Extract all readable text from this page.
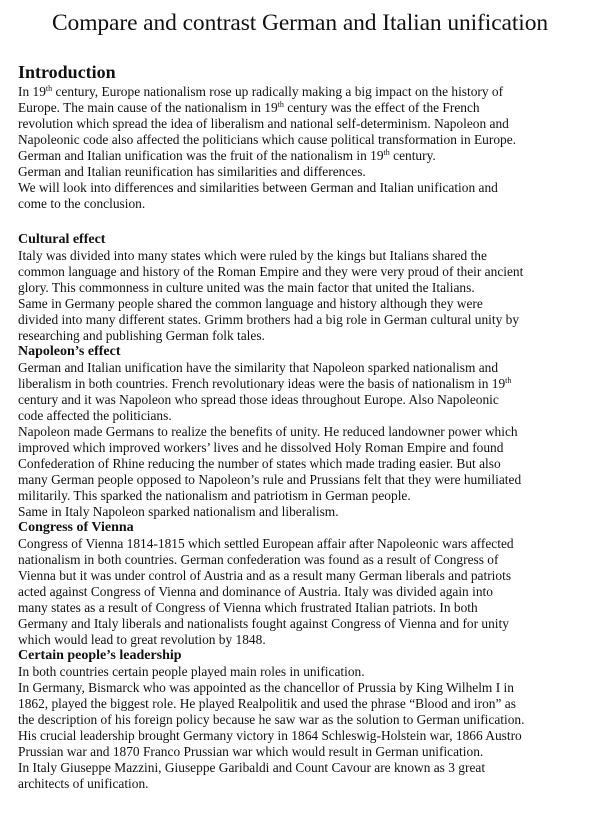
Compare and contrast German and Italian unification
Introduction
In 19th century, Europe nationalism rose up radically making a big impact on the history of
Europe. The main cause of the nationalism in 19th century was the effect of the French
revolution which spread the idea of liberalism and national self-determinism. Napoleon and
Napoleonic code also affected the politicians which cause political transformation in Europe.
German and Italian unification was the fruit of the nationalism in 19th century.
German and Italian reunification has similarities and differences.
We will look into differences and similarities between German and Italian unification and
come to the conclusion.
Cultural effect
Italy was divided into many states which were ruled by the kings but Italians shared the
common language and history of the Roman Empire and they were very proud of their ancient
glory. This commonness in culture united was the main factor that united the Italians.
Same in Germany people shared the common language and history although they were
divided into many different states. Grimm brothers had a big role in German cultural unity by
researching and publishing German folk tales.
Napoleon’s effect
German and Italian unification have the similarity that Napoleon sparked nationalism and
liberalism in both countries. French revolutionary ideas were the basis of nationalism in 19th
century and it was Napoleon who spread those ideas throughout Europe. Also Napoleonic
code affected the politicians.
Napoleon made Germans to realize the benefits of unity. He reduced landowner power which
improved which improved workers’ lives and he dissolved Holy Roman Empire and found
Confederation of Rhine reducing the number of states which made trading easier. But also
many German people opposed to Napoleon’s rule and Prussians felt that they were humiliated
militarily. This sparked the nationalism and patriotism in German people.
Same in Italy Napoleon sparked nationalism and liberalism.
Congress of Vienna
Congress of Vienna 1814-1815 which settled European affair after Napoleonic wars affected
nationalism in both countries. German confederation was found as a result of Congress of
Vienna but it was under control of Austria and as a result many German liberals and patriots
acted against Congress of Vienna and dominance of Austria. Italy was divided again into
many states as a result of Congress of Vienna which frustrated Italian patriots. In both
Germany and Italy liberals and nationalists fought against Congress of Vienna and for unity
which would lead to great revolution by 1848.
Certain people’s leadership
In both countries certain people played main roles in unification.
In Germany, Bismarck who was appointed as the chancellor of Prussia by King Wilhelm I in
1862, played the biggest role. He played Realpolitik and used the phrase “Blood and iron” as
the description of his foreign policy because he saw war as the solution to German unification.
His crucial leadership brought Germany victory in 1864 Schleswig-Holstein war, 1866 Austro
Prussian war and 1870 Franco Prussian war which would result in German unification.
In Italy Giuseppe Mazzini, Giuseppe Garibaldi and Count Cavour are known as 3 great
architects of unification.
